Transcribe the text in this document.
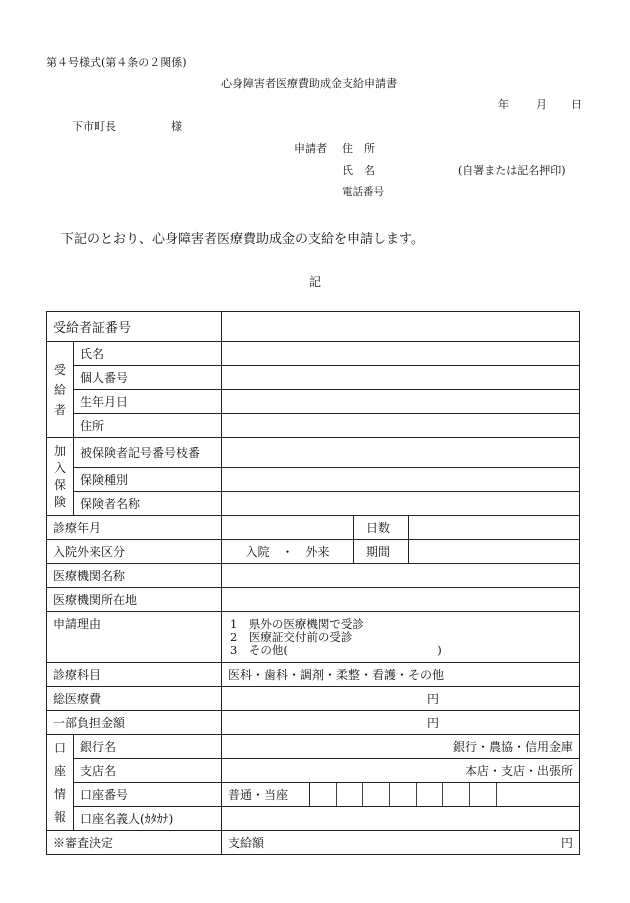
第４号様式(第４条の２関係)
心身障害者医療費助成金支給申請書
年 月 日
下市町長	様
申請者 住　所
氏　名	(自署または記名押印)
電話番号
下記のとおり、心身障害者医療費助成金の支給を申請します。
記
受給者証番号					

受
給
者	氏名				
	個人番号				
	生年月日				
	住所				

加
入
保
険	被保険者記号番号枝番				
	保険種別				
	保険者名称				
診療年月				日数	
入院外来区分		入院　・　外来		期間	
医療機関名称					
医療機関所在地					
申請理由		1　県外の医療機関で受診
2　医療証交付前の受診
3　その他(　　　　　　　　　　　　　)			

診療科目		医科・歯科・調剤・柔整・看護・その他			
総医療費		円			
一部負担金額		円			

口
座
情
報	銀行名	銀行・農協・信用金庫			
	支店名	本店・支店・出張所			
	口座番号	普通・当座			

	口座名義人(ｶﾀｶﾅ)				
※審査決定		支給額 円			
